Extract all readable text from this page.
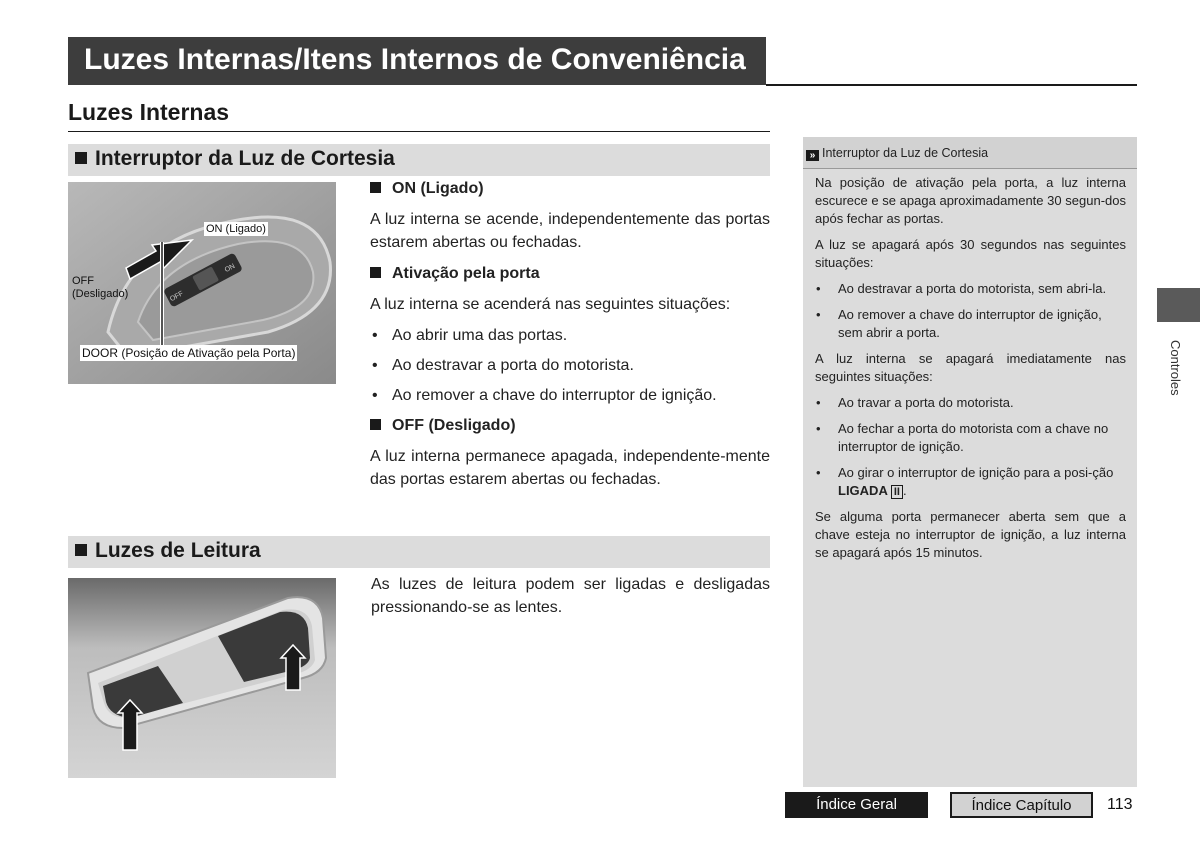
Luzes Internas/Itens Internos de Conveniência
Luzes Internas
Interruptor da Luz de Cortesia
ON
OFF
ON (Ligado)
OFF
(Desligado)
DOOR (Posição de Ativação pela Porta)
ON (Ligado)

A luz interna se acende, independentemente das portas estarem abertas ou fechadas.

Ativação pela porta

A luz interna se acenderá nas seguintes situações:

• Ao abrir uma das portas.
• Ao destravar a porta do motorista.
• Ao remover a chave do interruptor de ignição.
OFF (Desligado)

A luz interna permanece apagada, independente-mente das portas estarem abertas ou fechadas.

Luzes de Leitura
As luzes de leitura podem ser ligadas e desligadas pressionando-se as lentes.
» Interruptor da Luz de Cortesia

Na posição de ativação pela porta, a luz interna escurece e se apaga aproximadamente 30 segun-dos após fechar as portas.

A luz se apagará após 30 segundos nas seguintes situações:

• Ao destravar a porta do motorista, sem abri-la.
• Ao remover a chave do interruptor de ignição, sem abrir a porta.

A luz interna se apagará imediatamente nas seguintes situações:

• Ao travar a porta do motorista.
• Ao fechar a porta do motorista com a chave no interruptor de ignição.
• Ao girar o interruptor de ignição para a posi-ção LIGADA II .

Se alguma porta permanecer aberta sem que a chave esteja no interruptor de ignição, a luz interna se apagará após 15 minutos.

Controles
Índice Geral	Índice Capítulo	113
